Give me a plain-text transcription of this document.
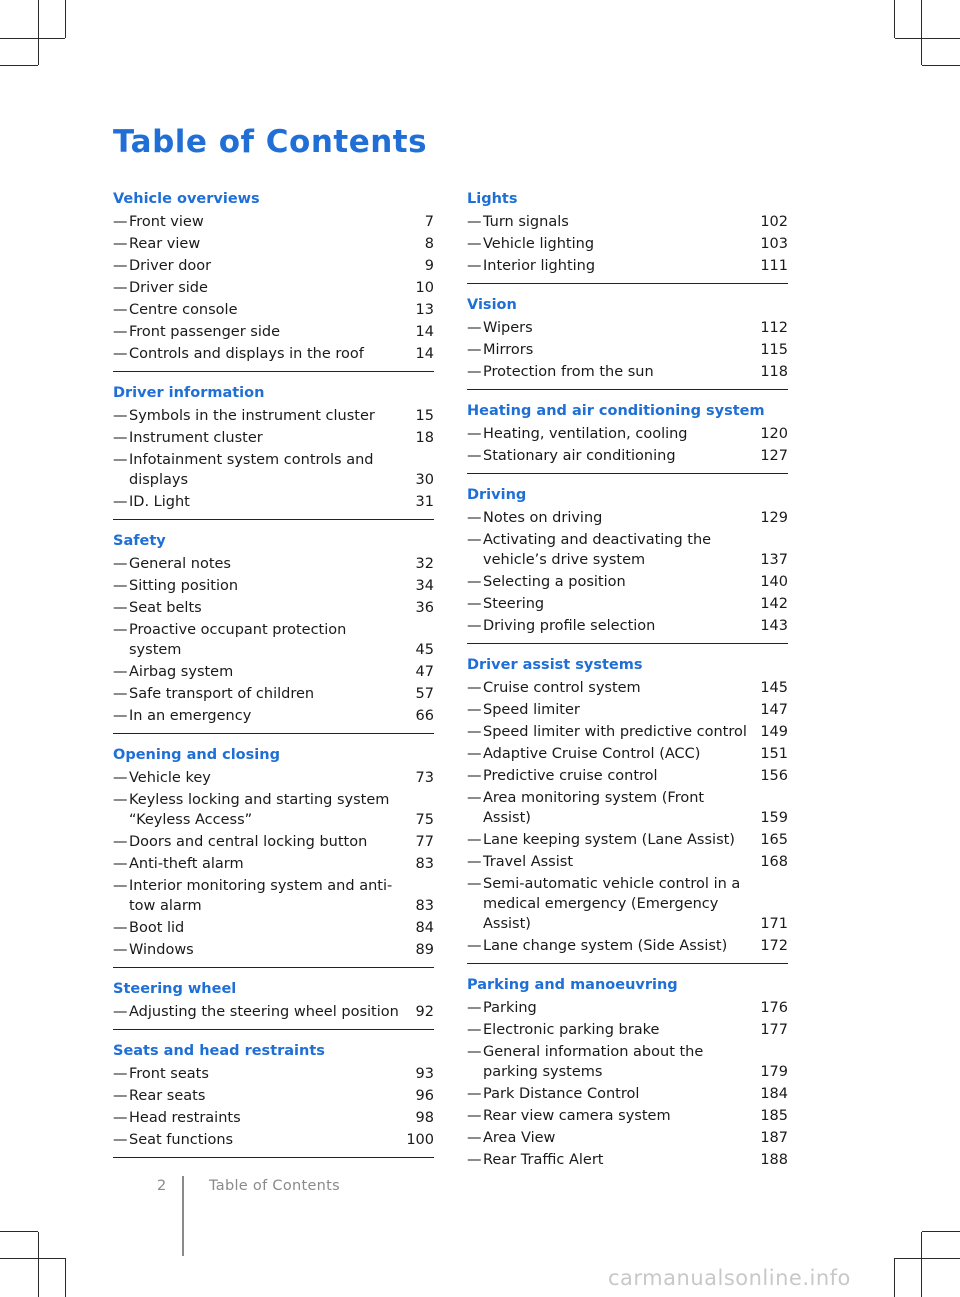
Table of Contents
Vehicle overviews
— Front view	7
— Rear view	8
— Driver door	9
— Driver side	10
— Centre console	13
— Front passenger side	14
— Controls and displays in the roof	14
Driver information
— Symbols in the instrument cluster	15
— Instrument cluster	18
— Infotainment system controls and displays	30
— ID. Light	31
Safety
— General notes	32
— Sitting position	34
— Seat belts	36
— Proactive occupant protection system	45
— Airbag system	47
— Safe transport of children	57
— In an emergency	66
Opening and closing
— Vehicle key	73
— Keyless locking and starting system “Keyless Access”	75
— Doors and central locking button	77
— Anti-theft alarm	83
— Interior monitoring system and anti-tow alarm	83
— Boot lid	84
— Windows	89
Steering wheel
— Adjusting the steering wheel position	92
Seats and head restraints
— Front seats	93
— Rear seats	96
— Head restraints	98
— Seat functions	100
Lights
— Turn signals	102
— Vehicle lighting	103
— Interior lighting	111
Vision
— Wipers	112
— Mirrors	115
— Protection from the sun	118
Heating and air conditioning system
— Heating, ventilation, cooling	120
— Stationary air conditioning	127
Driving
— Notes on driving	129
— Activating and deactivating the vehicle’s drive system	137
— Selecting a position	140
— Steering	142
— Driving profile selection	143
Driver assist systems
— Cruise control system	145
— Speed limiter	147
— Speed limiter with predictive control 149
— Adaptive Cruise Control (ACC)	151
— Predictive cruise control	156
— Area monitoring system (Front Assist)	159
— Lane keeping system (Lane Assist)	165
— Travel Assist	168
— Semi-automatic vehicle control in a medical emergency (Emergency Assist)	171
— Lane change system (Side Assist)	172
Parking and manoeuvring
— Parking	176
— Electronic parking brake	177
— General information about the parking systems	179
— Park Distance Control	184
— Rear view camera system	185
— Area View	187
— Rear Traffic Alert	188
2	Table of Contents
carmanualsonline.info
